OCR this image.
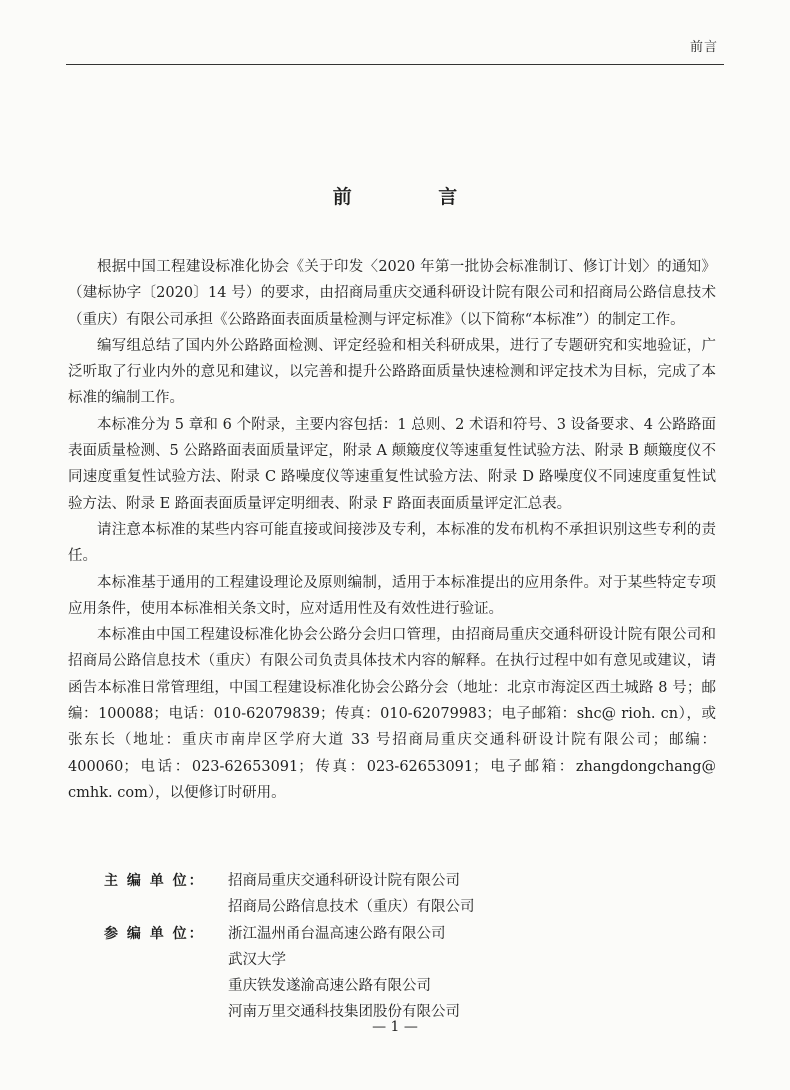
前言
前 言

根据中国工程建设标准化协会《关于印发〈2020 年第一批协会标准制订、修订计划〉的通知》（建标协字〔2020〕14 号）的要求，由招商局重庆交通科研设计院有限公司和招商局公路信息技术（重庆）有限公司承担《公路路面表面质量检测与评定标准》（以下简称“本标准”）的制定工作。

编写组总结了国内外公路路面检测、评定经验和相关科研成果，进行了专题研究和实地验证，广泛听取了行业内外的意见和建议，以完善和提升公路路面质量快速检测和评定技术为目标，完成了本标准的编制工作。

本标准分为 5 章和 6 个附录，主要内容包括：1 总则、2 术语和符号、3 设备要求、4 公路路面表面质量检测、5 公路路面表面质量评定，附录 A 颠簸度仪等速重复性试验方法、附录 B 颠簸度仪不同速度重复性试验方法、附录 C 路噪度仪等速重复性试验方法、附录 D 路噪度仪不同速度重复性试验方法、附录 E 路面表面质量评定明细表、附录 F 路面表面质量评定汇总表。

请注意本标准的某些内容可能直接或间接涉及专利，本标准的发布机构不承担识别这些专利的责任。

本标准基于通用的工程建设理论及原则编制，适用于本标准提出的应用条件。对于某些特定专项应用条件，使用本标准相关条文时，应对适用性及有效性进行验证。

本标准由中国工程建设标准化协会公路分会归口管理，由招商局重庆交通科研设计院有限公司和招商局公路信息技术（重庆）有限公司负责具体技术内容的解释。在执行过程中如有意见或建议，请函告本标准日常管理组，中国工程建设标准化协会公路分会（地址：北京市海淀区西土城路 8 号；邮编：100088；电话：010-62079839；传真：010-62079983；电子邮箱：shc@ rioh. cn），或张东长（地址：重庆市南岸区学府大道 33 号招商局重庆交通科研设计院有限公司；邮编：400060；电话：023-62653091；传真：023-62653091；电子邮箱：zhangdongchang@ cmhk. com），以便修订时研用。

主 编 单 位：	招商局重庆交通科研设计院有限公司
招商局公路信息技术（重庆）有限公司
参 编 单 位：	浙江温州甬台温高速公路有限公司
武汉大学
重庆铁发遂渝高速公路有限公司
河南万里交通科技集团股份有限公司
— 1 —
